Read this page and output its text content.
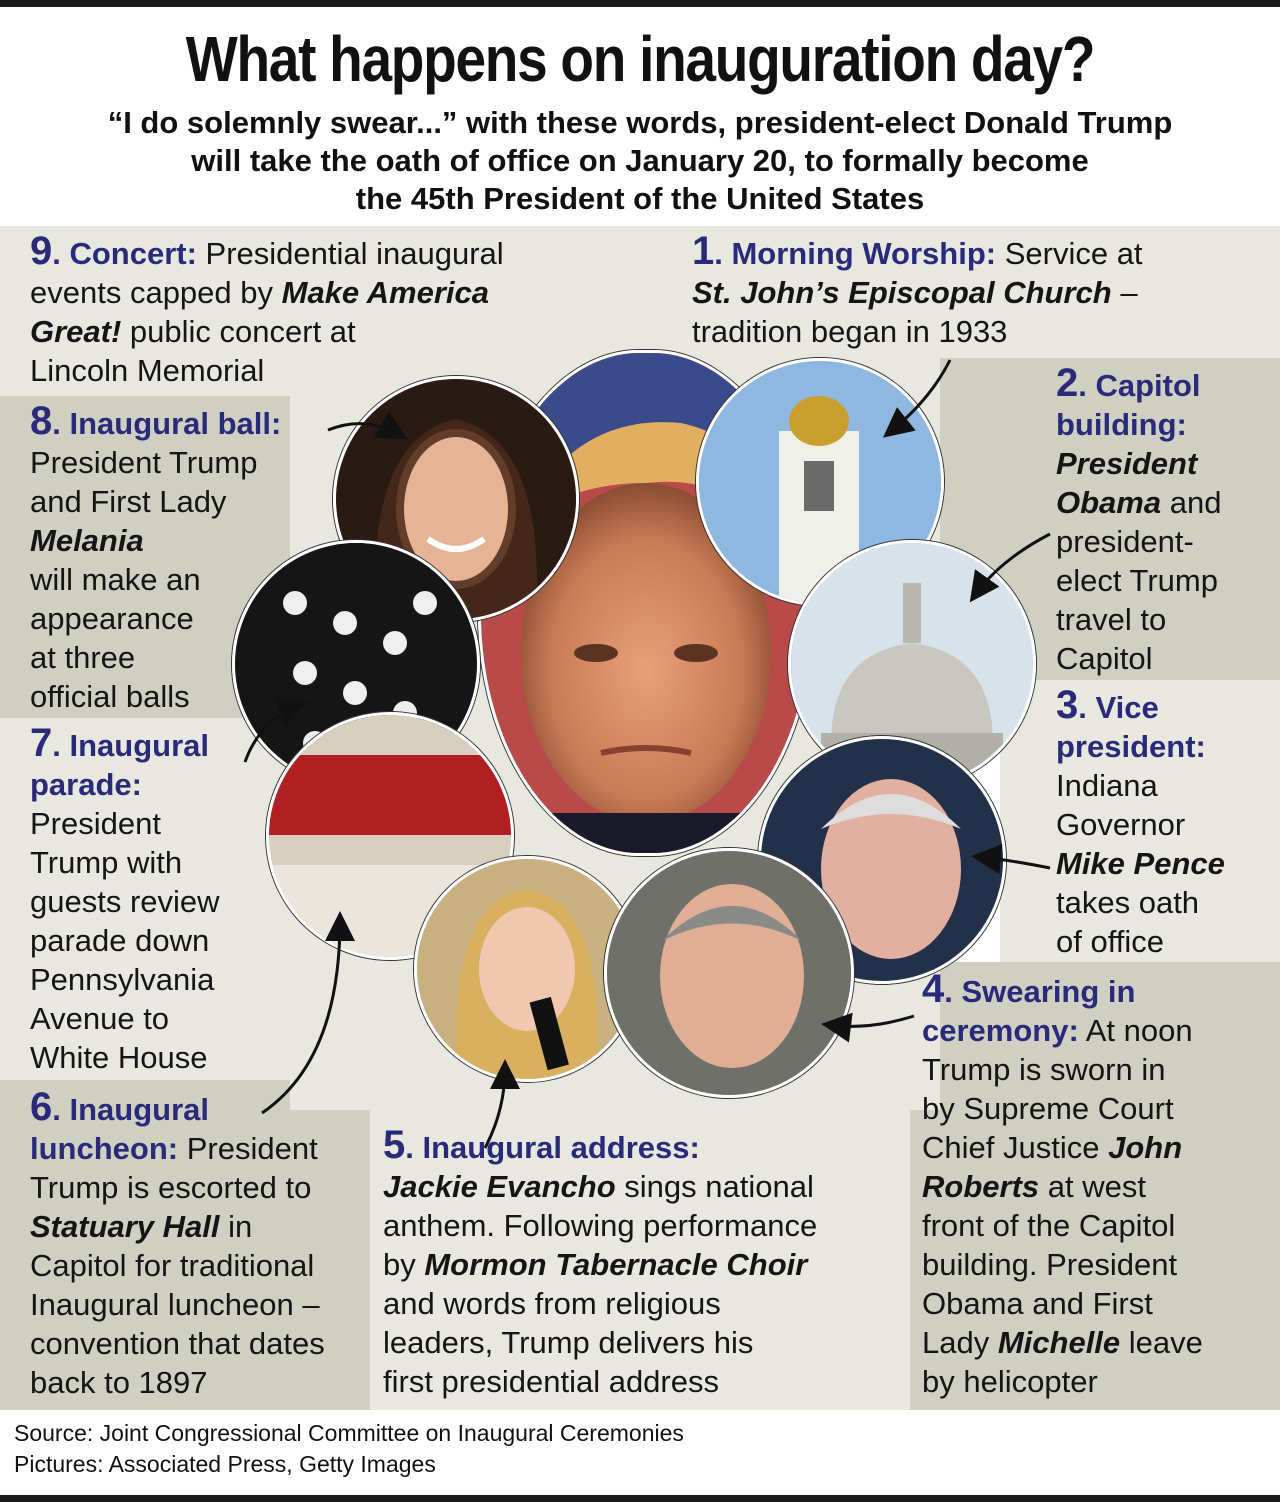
What happens on inauguration day?
“I do solemnly swear...” with these words, president-elect Donald Trump
will take the oath of office on January 20, to formally become
the 45th President of the United States
9. Concert: Presidential inaugural
events capped by Make America
Great! public concert at
Lincoln Memorial
1. Morning Worship: Service at
St. John’s Episcopal Church –
tradition began in 1933
8. Inaugural ball:
President Trump
and First Lady
Melania
will make an
appearance
at three
official balls
2. Capitol
building:
President
Obama and
president-
elect Trump
travel to
Capitol
7. Inaugural
parade:
President
Trump with
guests review
parade down
Pennsylvania
Avenue to
White House
3. Vice
president:
Indiana
Governor
Mike Pence
takes oath
of office
4. Swearing in
ceremony: At noon
Trump is sworn in
by Supreme Court
Chief Justice John
Roberts at west
front of the Capitol
building. President
Obama and First
Lady Michelle leave
by helicopter
6. Inaugural
luncheon: President
Trump is escorted to
Statuary Hall in
Capitol for traditional
Inaugural luncheon –
convention that dates
back to 1897
5. Inaugural address:
Jackie Evancho sings national
anthem. Following performance
by Mormon Tabernacle Choir
and words from religious
leaders, Trump delivers his
first presidential address
Source: Joint Congressional Committee on Inaugural Ceremonies
Pictures: Associated Press, Getty Images
